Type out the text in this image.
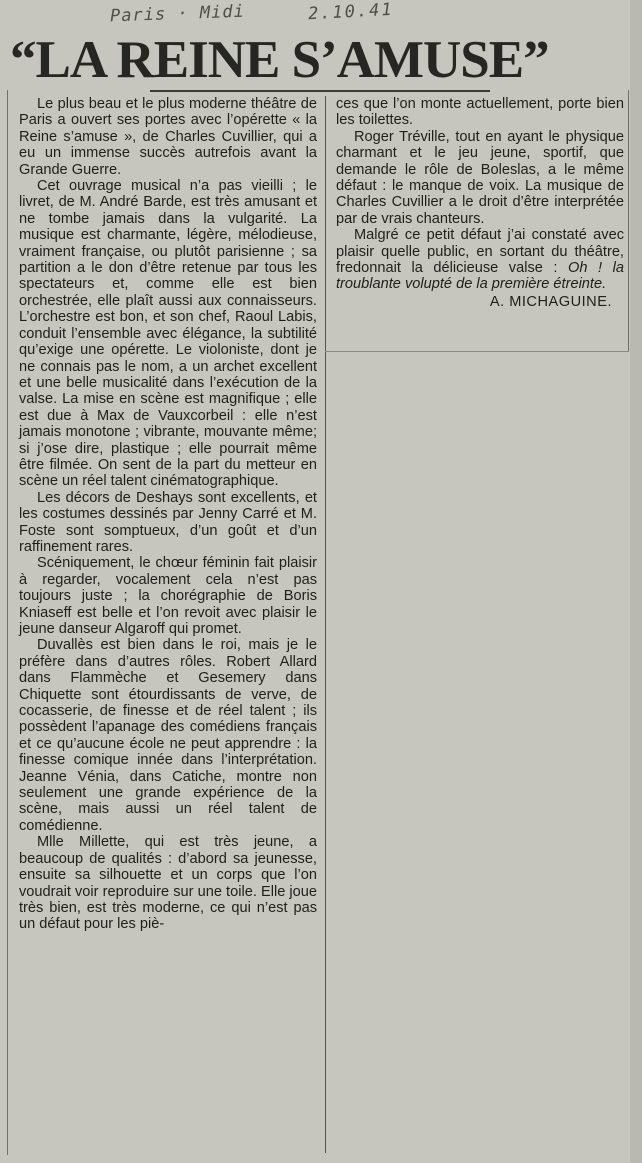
Paris · Midi	2.10.41
“LA REINE S’AMUSE”

Le plus beau et le plus moderne théâtre de Paris a ouvert ses portes avec l’opérette « la Reine s’amuse », de Charles Cuvillier, qui a eu un immense succès autrefois avant la Grande Guerre.

Cet ouvrage musical n’a pas vieilli ; le livret, de M. André Barde, est très amusant et ne tombe jamais dans la vulgarité. La musique est charmante, légère, mélodieuse, vraiment française, ou plutôt parisienne ; sa partition a le don d’être retenue par tous les spectateurs et, comme elle est bien orchestrée, elle plaît aussi aux connaisseurs. L’orchestre est bon, et son chef, Raoul Labis, conduit l’ensemble avec élégance, la subtilité qu’exige une opérette. Le violoniste, dont je ne connais pas le nom, a un archet excellent et une belle musicalité dans l’exécution de la valse. La mise en scène est magnifique ; elle est due à Max de Vauxcorbeil : elle n’est jamais monotone ; vibrante, mouvante même; si j’ose dire, plastique ; elle pourrait même être filmée. On sent de la part du metteur en scène un réel talent cinématographique.

Les décors de Deshays sont excellents, et les costumes dessinés par Jenny Carré et M. Foste sont somptueux, d’un goût et d’un raffinement rares.

Scéniquement, le chœur féminin fait plaisir à regarder, vocalement cela n’est pas toujours juste ; la chorégraphie de Boris Kniaseff est belle et l’on revoit avec plaisir le jeune danseur Algaroff qui promet.

Duvallès est bien dans le roi, mais je le préfère dans d’autres rôles. Robert Allard dans Flammèche et Gesemery dans Chiquette sont étourdissants de verve, de cocasserie, de finesse et de réel talent ; ils possèdent l’apanage des comédiens français et ce qu’aucune école ne peut apprendre : la finesse comique innée dans l’interprétation. Jeanne Vénia, dans Catiche, montre non seulement une grande expérience de la scène, mais aussi un réel talent de comédienne.

Mlle Millette, qui est très jeune, a beaucoup de qualités : d’abord sa jeunesse, ensuite sa silhouette et un corps que l’on voudrait voir reproduire sur une toile. Elle joue très bien, est très moderne, ce qui n’est pas un défaut pour les piè-

ces que l’on monte actuellement, porte bien les toilettes.

Roger Tréville, tout en ayant le physique charmant et le jeu jeune, sportif, que demande le rôle de Boleslas, a le même défaut : le manque de voix. La musique de Charles Cuvillier a le droit d’être interprétée par de vrais chanteurs.

Malgré ce petit défaut j’ai constaté avec plaisir quelle public, en sortant du théâtre, fredonnait la délicieuse valse : Oh ! la troublante volupté de la première étreinte.

A. MICHAGUINE.
